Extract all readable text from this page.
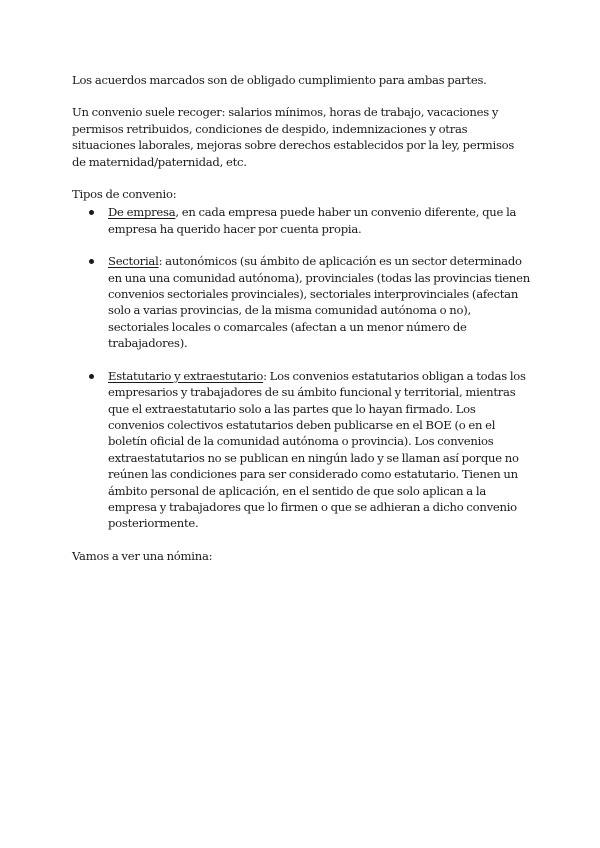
Los acuerdos marcados son de obligado cumplimiento para ambas partes.

Un convenio suele recoger: salarios mínimos, horas de trabajo, vacaciones y permisos retribuidos, condiciones de despido, indemnizaciones y otras situaciones laborales, mejoras sobre derechos establecidos por la ley, permisos de maternidad/paternidad, etc.

Tipos de convenio:

De empresa, en cada empresa puede haber un convenio diferente, que la empresa ha querido hacer por cuenta propia.
Sectorial: autonómicos (su ámbito de aplicación es un sector determinado en una una comunidad autónoma), provinciales (todas las provincias tienen convenios sectoriales provinciales), sectoriales interprovinciales (afectan solo a varias provincias, de la misma comunidad autónoma o no), sectoriales locales o comarcales (afectan a un menor número de trabajadores).
Estatutario y extraestutario: Los convenios estatutarios obligan a todas los empresarios y trabajadores de su ámbito funcional y territorial, mientras que el extraestatutario solo a las partes que lo hayan firmado. Los convenios colectivos estatutarios deben publicarse en el BOE (o en el boletín oficial de la comunidad autónoma o provincia). Los convenios extraestatutarios no se publican en ningún lado y se llaman así porque no reúnen las condiciones para ser considerado como estatutario. Tienen un ámbito personal de aplicación, en el sentido de que solo aplican a la empresa y trabajadores que lo firmen o que se adhieran a dicho convenio posteriormente.

Vamos a ver una nómina:
